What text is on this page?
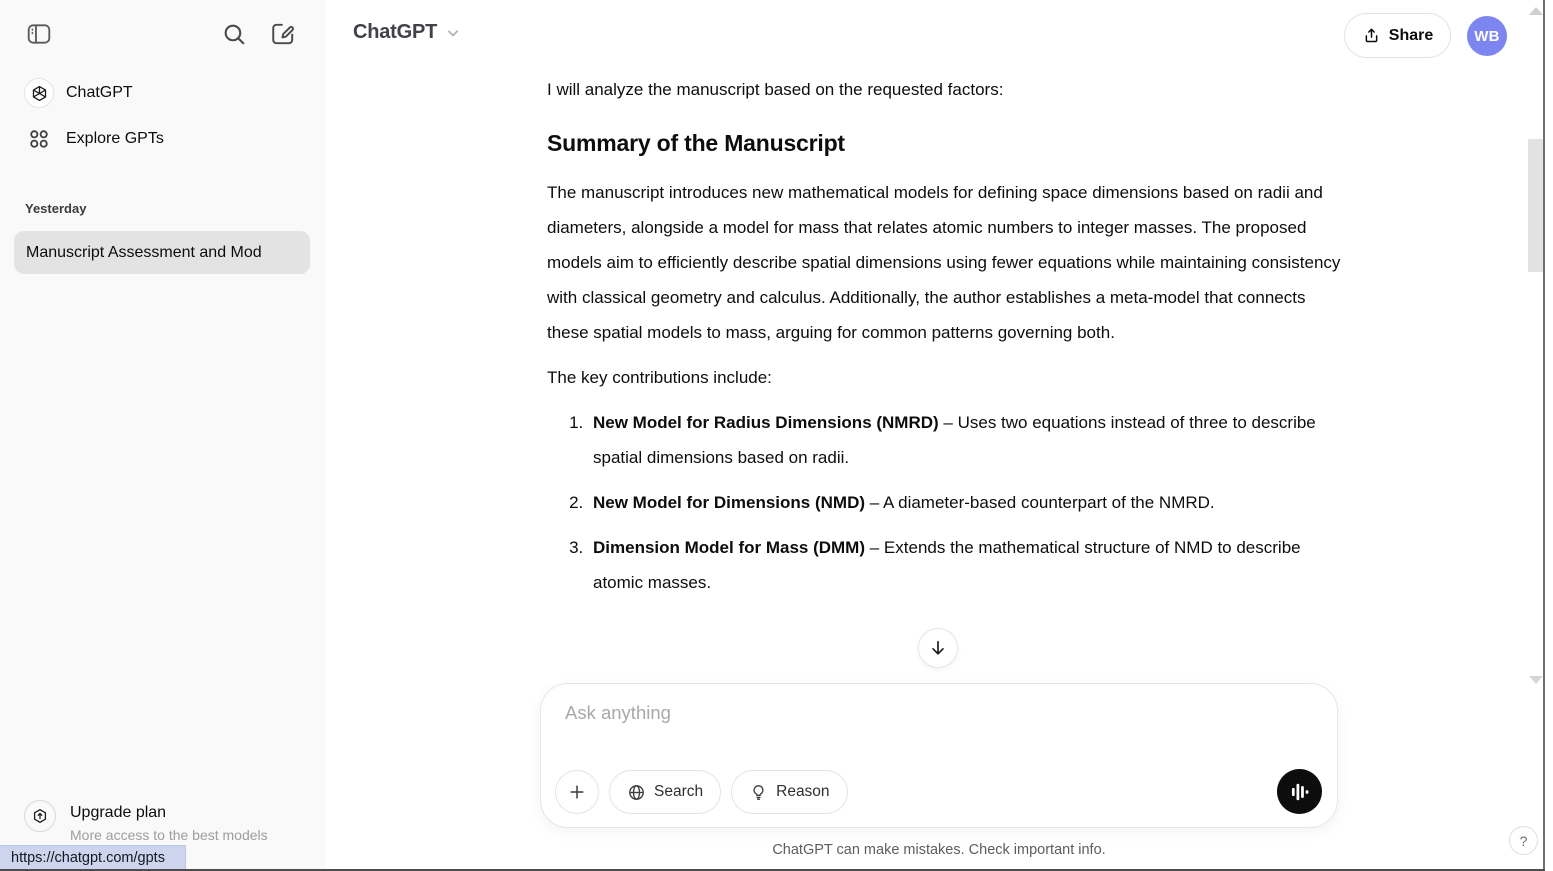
ChatGPT
Explore GPTs
Yesterday
Manuscript Assessment and Mod
Upgrade plan
More access to the best models
https://chatgpt.com/gpts
ChatGPT	Share	WB

I will analyze the manuscript based on the requested factors:

Summary of the Manuscript

The manuscript introduces new mathematical models for defining space dimensions based on radii and diameters, alongside a model for mass that relates atomic numbers to integer masses. The proposed models aim to efficiently describe spatial dimensions using fewer equations while maintaining consistency with classical geometry and calculus. Additionally, the author establishes a meta-model that connects these spatial models to mass, arguing for common patterns governing both.

The key contributions include:

1. New Model for Radius Dimensions (NMRD) – Uses two equations instead of three to describe spatial dimensions based on radii.
2. New Model for Dimensions (NMD) – A diameter-based counterpart of the NMRD.
3. Dimension Model for Mass (DMM) – Extends the mathematical structure of NMD to describe atomic masses.
Ask anything
Search	Reason
ChatGPT can make mistakes. Check important info.
?
